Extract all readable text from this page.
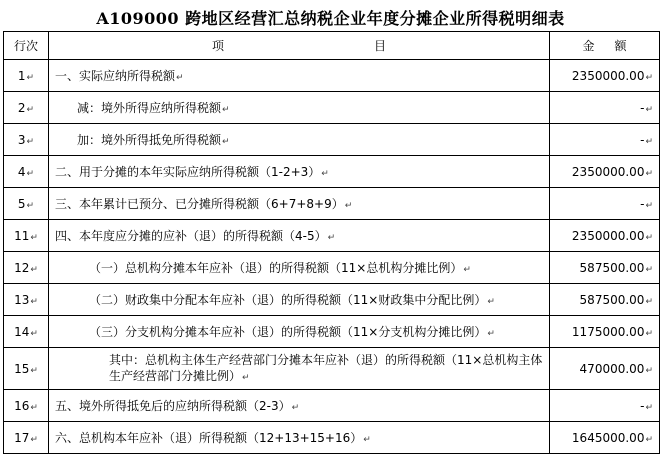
A109000 跨地区经营汇总纳税企业年度分摊企业所得税明细表
行次	项 目	金 额
1↵	一、实际应纳所得税额↵	2350000.00↵
2↵	减：境外所得应纳所得税额↵	-↵
3↵	加：境外所得抵免所得税额↵	-↵
4↵	二、用于分摊的本年实际应纳所得税额（1-2+3）↵	2350000.00↵
5↵	三、本年累计已预分、已分摊所得税额（6+7+8+9）↵	-↵
11↵	四、本年度应分摊的应补（退）的所得税额（4-5）↵	2350000.00↵
12↵	（一）总机构分摊本年应补（退）的所得税额（11×总机构分摊比例）↵	587500.00↵
13↵	（二）财政集中分配本年应补（退）的所得税额（11×财政集中分配比例）↵	587500.00↵
14↵	（三）分支机构分摊本年应补（退）的所得税额（11×分支机构分摊比例）↵	1175000.00↵
15↵	其中：总机构主体生产经营部门分摊本年应补（退）的所得税额（11×总机构主体生产经营部门分摊比例）↵	470000.00↵
16↵	五、境外所得抵免后的应纳所得税额（2-3）↵	-↵
17↵	六、总机构本年应补（退）所得税额（12+13+15+16）↵	1645000.00↵
